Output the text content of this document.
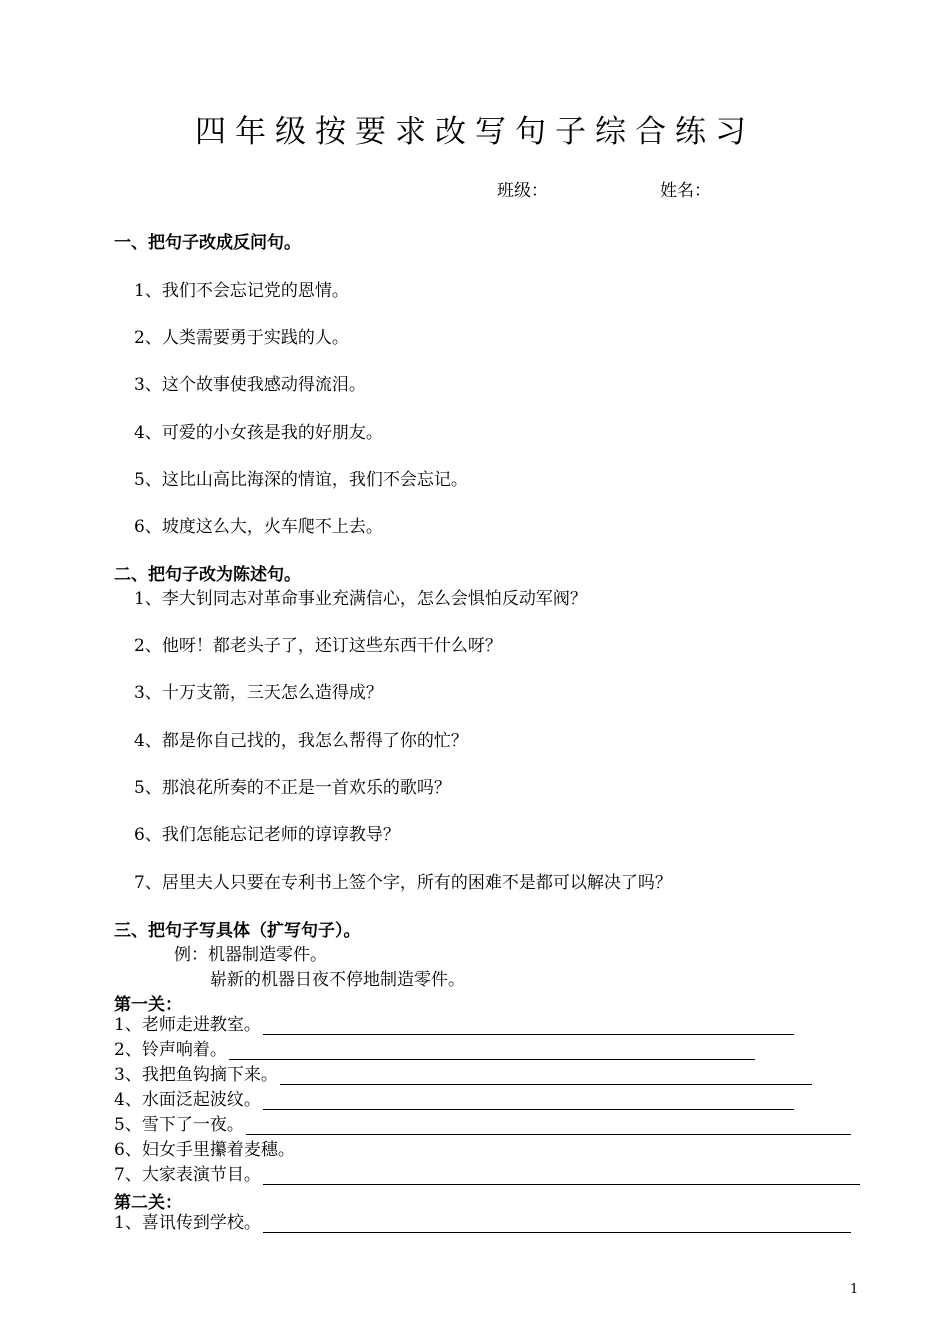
四年级按要求改写句子综合练习
班级：	姓名：
一、把句子改成反问句。
1、我们不会忘记党的恩情。
2、人类需要勇于实践的人。
3、这个故事使我感动得流泪。
4、可爱的小女孩是我的好朋友。
5、这比山高比海深的情谊，我们不会忘记。
6、坡度这么大，火车爬不上去。
二、把句子改为陈述句。
1、李大钊同志对革命事业充满信心，怎么会惧怕反动军阀？
2、他呀！都老头子了，还订这些东西干什么呀？
3、十万支箭，三天怎么造得成？
4、都是你自己找的，我怎么帮得了你的忙？
5、那浪花所奏的不正是一首欢乐的歌吗？
6、我们怎能忘记老师的谆谆教导？
7、居里夫人只要在专利书上签个字，所有的困难不是都可以解决了吗？
三、把句子写具体（扩写句子）。
例：机器制造零件。
崭新的机器日夜不停地制造零件。
第一关：
1、老师走进教室。
2、铃声响着。
3、我把鱼钩摘下来。
4、水面泛起波纹。
5、雪下了一夜。
6、妇女手里攥着麦穗。
7、大家表演节目。
第二关：
1、喜讯传到学校。
1
